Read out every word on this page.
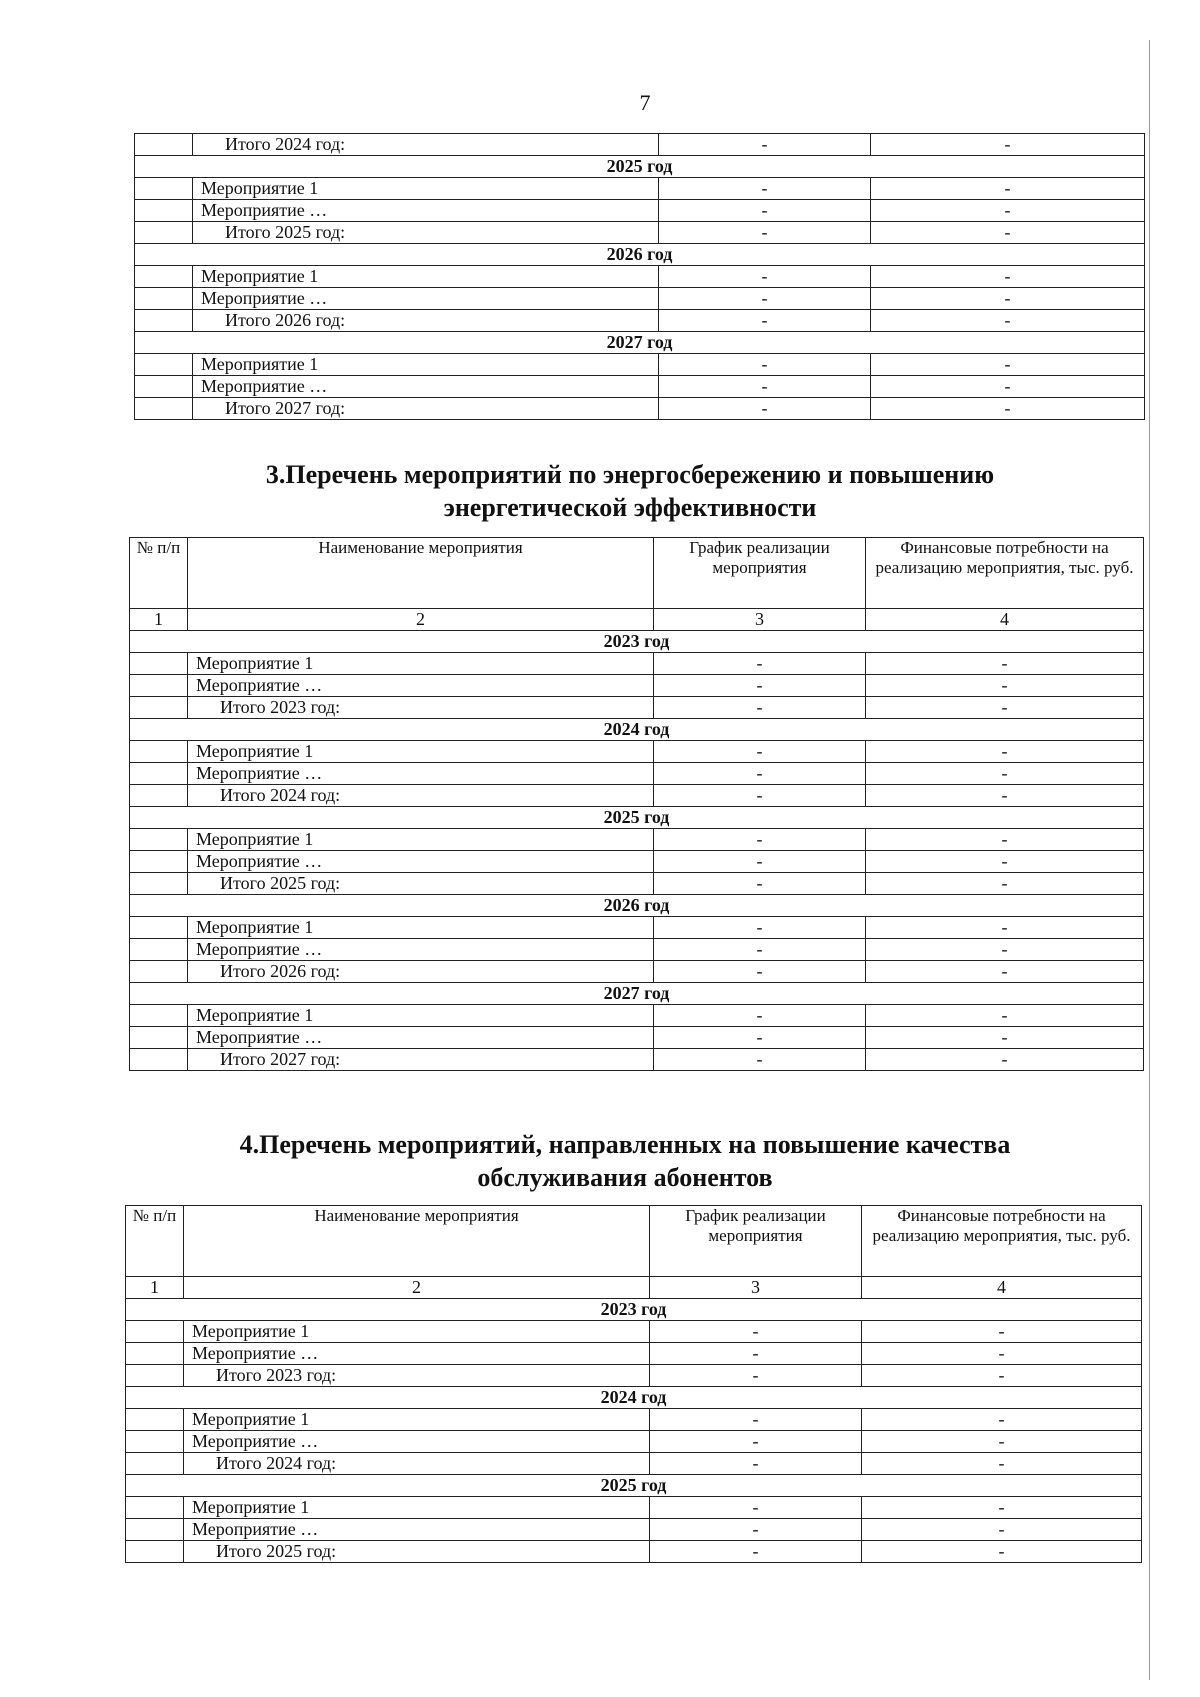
7
	Итого 2024 год:	-	-
2025 год			
	Мероприятие 1	-	-
	Мероприятие …	-	-
	Итого 2025 год:	-	-
2026 год			
	Мероприятие 1	-	-
	Мероприятие …	-	-
	Итого 2026 год:	-	-
2027 год			
	Мероприятие 1	-	-
	Мероприятие …	-	-
	Итого 2027 год:	-	-
3.Перечень мероприятий по энергосбережению и повышению
энергетической эффективности
№ п/п	Наименование мероприятия	График реализации мероприятия	Финансовые потребности на реализацию мероприятия, тыс. руб.
1	2	3	4
2023 год			
	Мероприятие 1	-	-
	Мероприятие …	-	-
	Итого 2023 год:	-	-
2024 год			
	Мероприятие 1	-	-
	Мероприятие …	-	-
	Итого 2024 год:	-	-
2025 год			
	Мероприятие 1	-	-
	Мероприятие …	-	-
	Итого 2025 год:	-	-
2026 год			
	Мероприятие 1	-	-
	Мероприятие …	-	-
	Итого 2026 год:	-	-
2027 год			
	Мероприятие 1	-	-
	Мероприятие …	-	-
	Итого 2027 год:	-	-
4.Перечень мероприятий, направленных на повышение качества
обслуживания абонентов
№ п/п	Наименование мероприятия	График реализации мероприятия	Финансовые потребности на реализацию мероприятия, тыс. руб.
1	2	3	4
2023 год			
	Мероприятие 1	-	-
	Мероприятие …	-	-
	Итого 2023 год:	-	-
2024 год			
	Мероприятие 1	-	-
	Мероприятие …	-	-
	Итого 2024 год:	-	-
2025 год			
	Мероприятие 1	-	-
	Мероприятие …	-	-
	Итого 2025 год:	-	-
